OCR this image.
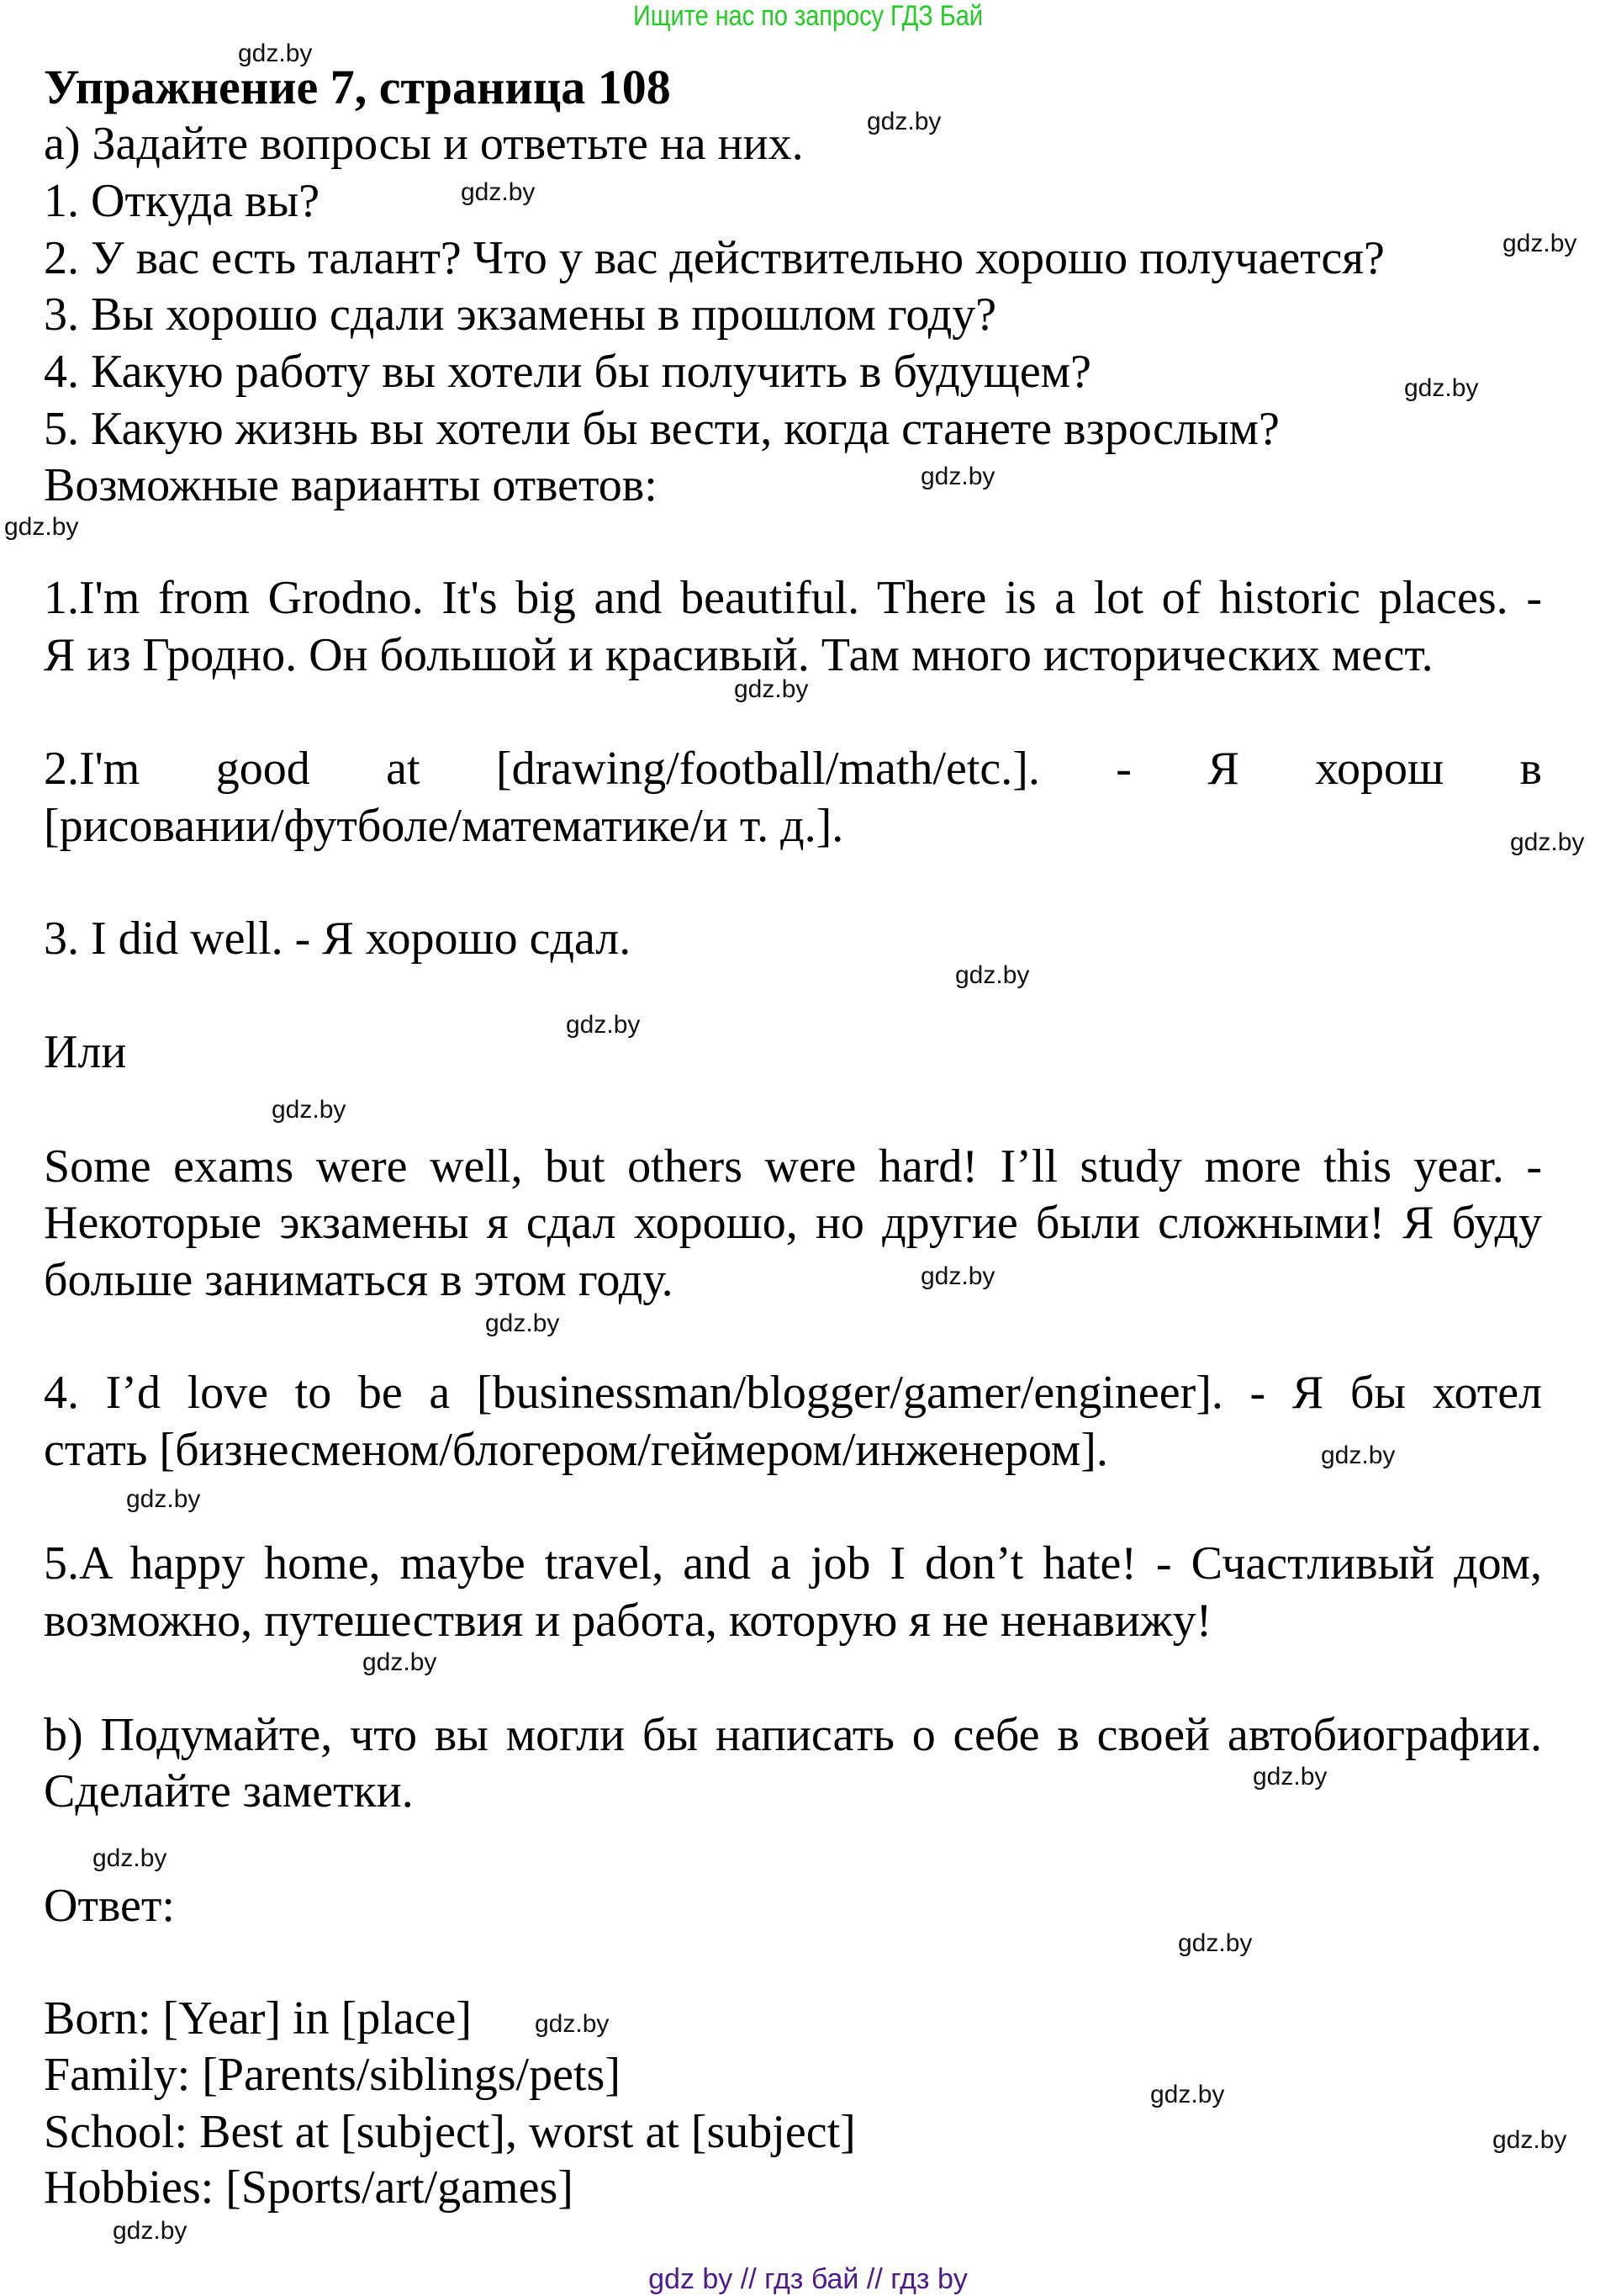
Ищите нас по запросу ГДЗ Бай
Упражнение 7, страница 108
а) Задайте вопросы и ответьте на них.
1. Откуда вы?
2. У вас есть талант? Что у вас действительно хорошо получается?
3. Вы хорошо сдали экзамены в прошлом году?
4. Какую работу вы хотели бы получить в будущем?
5. Какую жизнь вы хотели бы вести, когда станете взрослым?
Возможные варианты ответов:
1.I'm from Grodno. It's big and beautiful. There is a lot of historic places. -
Я из Гродно. Он большой и красивый. Там много исторических мест.
2.I'm good at [drawing/football/math/etc.]. - Я хорош в
[рисовании/футболе/математике/и т. д.].
3. I did well. - Я хорошо сдал.
Или
Some exams were well, but others were hard! I’ll study more this year. -
Некоторые экзамены я сдал хорошо, но другие были сложными! Я буду
больше заниматься в этом году.
4. I’d love to be a [businessman/blogger/gamer/engineer]. - Я бы хотел
стать [бизнесменом/блогером/геймером/инженером].
5.A happy home, maybe travel, and a job I don’t hate! - Счастливый дом,
возможно, путешествия и работа, которую я не ненавижу!
b) Подумайте, что вы могли бы написать о себе в своей автобиографии.
Сделайте заметки.
Ответ:
Born: [Year] in [place]
Family: [Parents/siblings/pets]
School: Best at [subject], worst at [subject]
Hobbies: [Sports/art/games]
gdz.by
gdz.by
gdz.by
gdz.by
gdz.by
gdz.by
gdz.by
gdz.by
gdz.by
gdz.by
gdz.by
gdz.by
gdz.by
gdz.by
gdz.by
gdz.by
gdz.by
gdz.by
gdz.by
gdz.by
gdz.by
gdz.by
gdz.by
gdz.by
gdz by // гдз бай // гдз by
